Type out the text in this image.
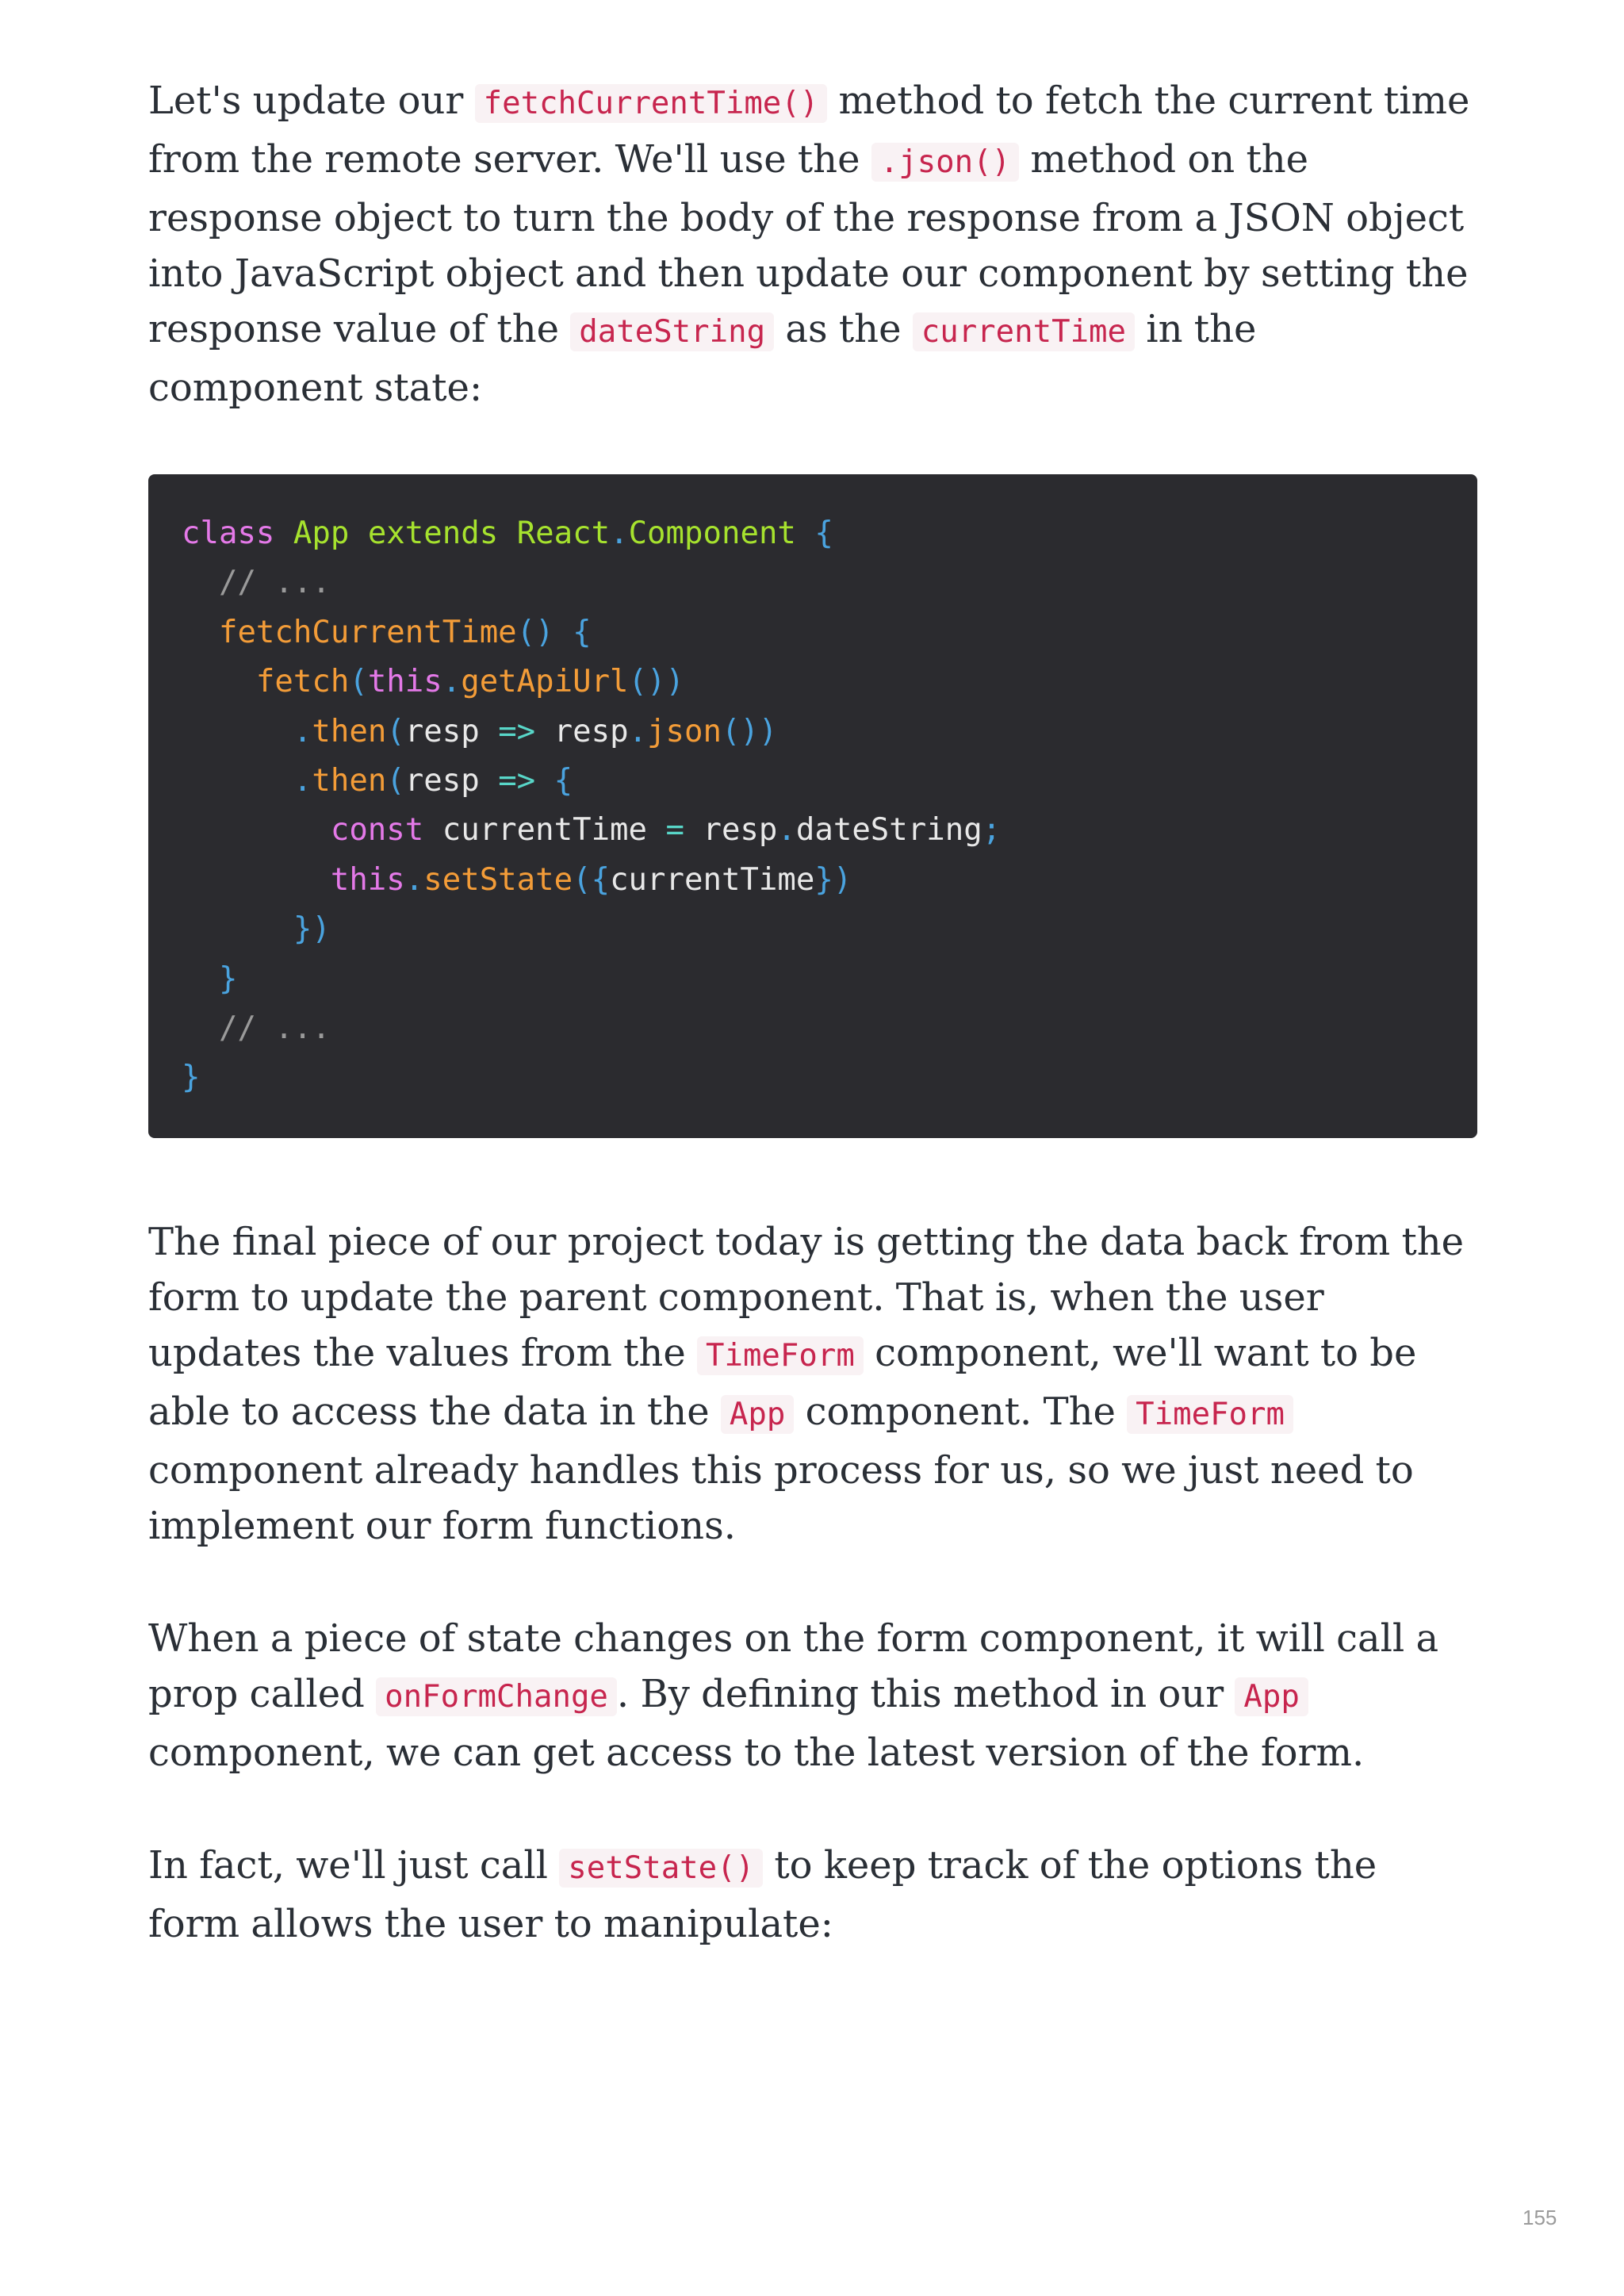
Let's update our fetchCurrentTime() method to fetch the current time from the remote server. We'll use the .json() method on the response object to turn the body of the response from a JSON object into JavaScript object and then update our component by setting the response value of the dateString as the currentTime in the component state:

class App extends React.Component {
// ...
fetchCurrentTime() {
fetch(this.getApiUrl())
.then(resp => resp.json())
.then(resp => {
const currentTime = resp.dateString;
this.setState({currentTime})
})
}
// ...
}

The final piece of our project today is getting the data back from the form to update the parent component. That is, when the user updates the values from the TimeForm component, we'll want to be able to access the data in the App component. The TimeForm component already handles this process for us, so we just need to implement our form functions.

When a piece of state changes on the form component, it will call a prop called onFormChange . By defining this method in our App component, we can get access to the latest version of the form.

In fact, we'll just call setState() to keep track of the options the form allows the user to manipulate:

155
